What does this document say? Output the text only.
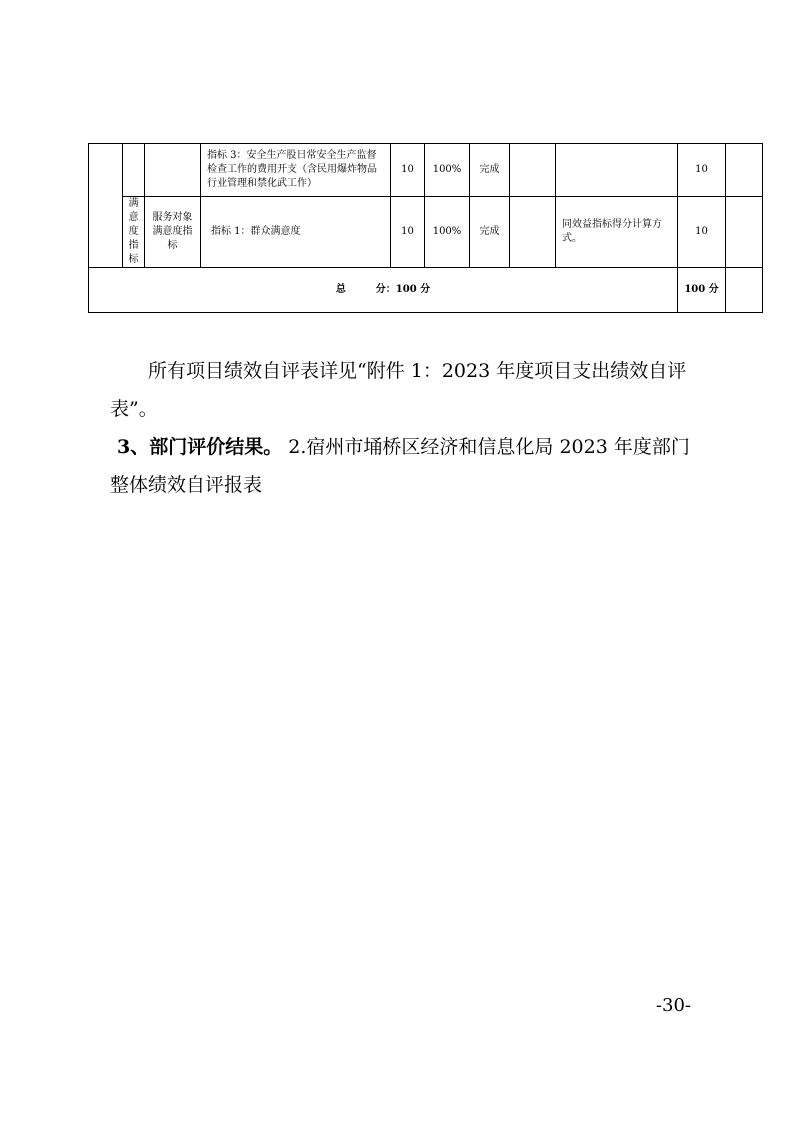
			指标 3：安全生产股日常安全生产监督检查工作的费用开支（含民用爆炸物品行业管理和禁化武工作）	10	100%	完成			10	
	满意度指标	服务对象满意度指标	指标 1：群众满意度	10	100%	完成		同效益指标得分计算方式。	10	
总　　　分：100 分									100 分	

所有项目绩效自评表详见“附件 1：2023 年度项目支出绩效自评表”。

3、部门评价结果。 2.宿州市埇桥区经济和信息化局 2023 年度部门整体绩效自评报表

-30-
